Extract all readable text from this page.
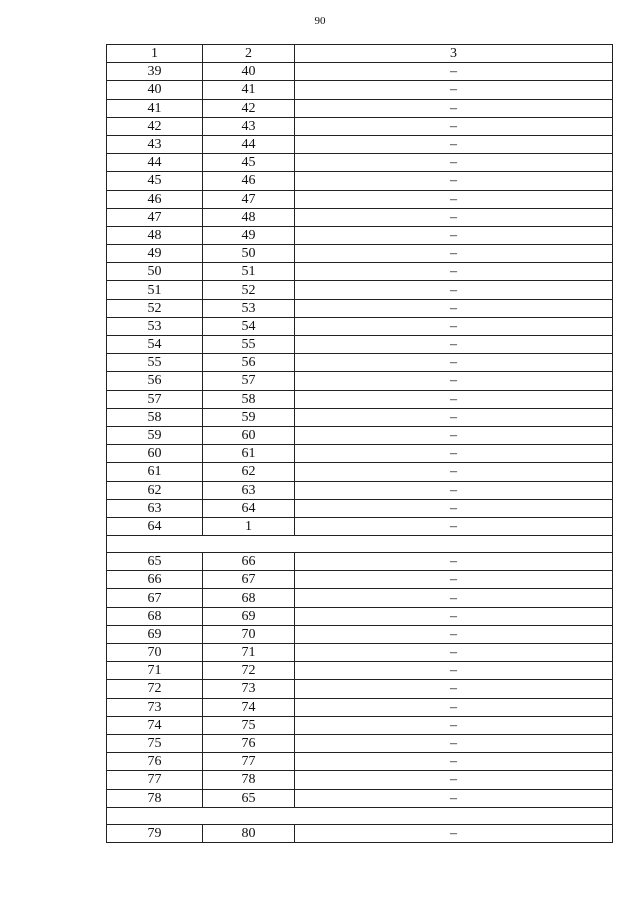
90
1	2	3
39	40	–
40	41	–
41	42	–
42	43	–
43	44	–
44	45	–
45	46	–
46	47	–
47	48	–
48	49	–
49	50	–
50	51	–
51	52	–
52	53	–
53	54	–
54	55	–
55	56	–
56	57	–
57	58	–
58	59	–
59	60	–
60	61	–
61	62	–
62	63	–
63	64	–
64	1	–

65	66	–
66	67	–
67	68	–
68	69	–
69	70	–
70	71	–
71	72	–
72	73	–
73	74	–
74	75	–
75	76	–
76	77	–
77	78	–
78	65	–

79	80	–
